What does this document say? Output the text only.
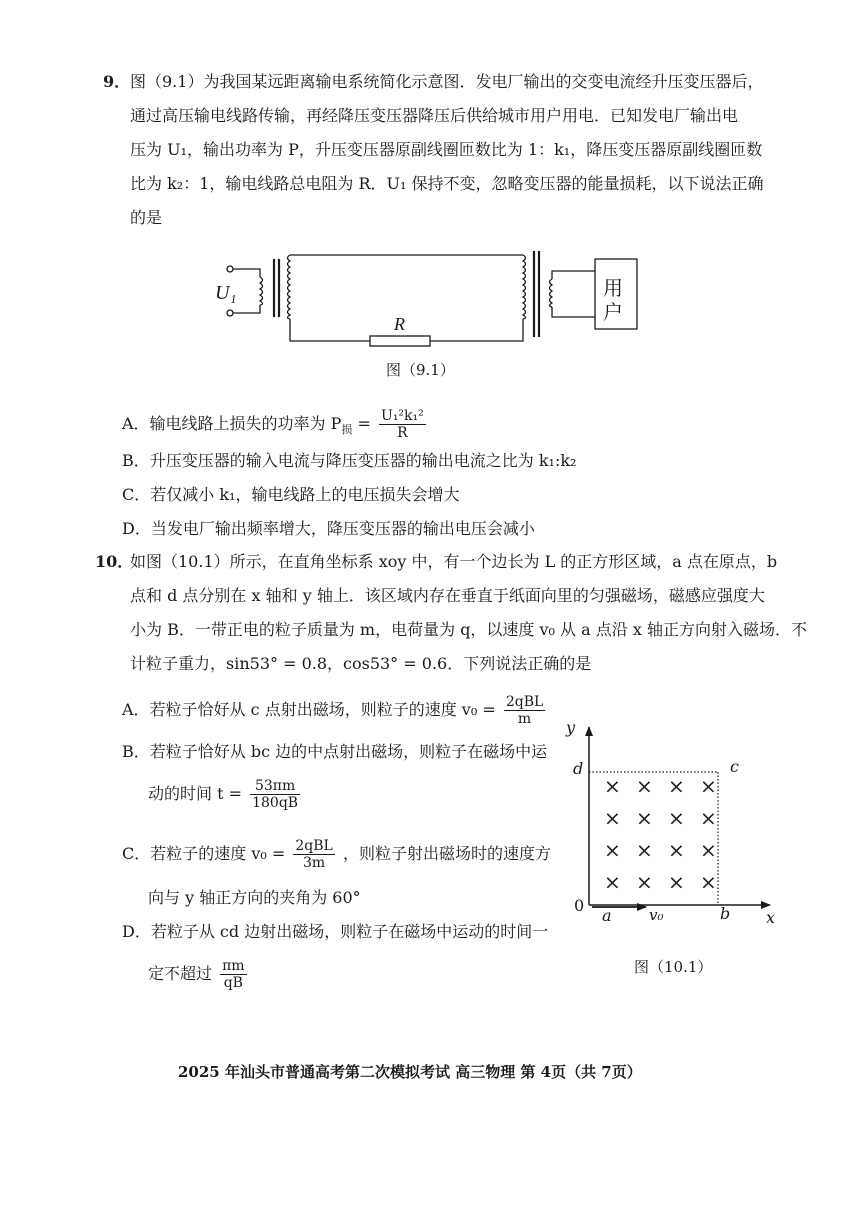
9． 图（9.1）为我国某远距离输电系统简化示意图．发电厂输出的交变电流经升压变压器后，
通过高压输电线路传输，再经降压变压器降压后供给城市用户用电．已知发电厂输出电
压为 U₁，输出功率为 P，升压变压器原副线圈匝数比为 1：k₁，降压变压器原副线圈匝数
比为 k₂：1，输电线路总电阻为 R．U₁ 保持不变，忽略变压器的能量损耗，以下说法正确
的是
U₁
R
用
户
图（9.1）
A．输电线路上损失的功率为 $P_损 = \frac{\text{U₁²k₁²}}{R}$
B．升压变压器的输入电流与降压变压器的输出电流之比为 k₁:k₂
C．若仅减小 k₁，输电线路上的电压损失会增大
D．当发电厂输出频率增大，降压变压器的输出电压会减小
10．
如图（10.1）所示，在直角坐标系 xoy 中，有一个边长为 L 的正方形区域，a 点在原点，b
点和 d 点分别在 x 轴和 y 轴上．该区域内存在垂直于纸面向里的匀强磁场，磁感应强度大
小为 B．一带正电的粒子质量为 m，电荷量为 q，以速度 v₀ 从 a 点沿 x 轴正方向射入磁场．不
计粒子重力，sin53° = 0.8，cos53° = 0.6．下列说法正确的是
A．若粒子恰好从 c 点射出磁场，则粒子的速度 $v_0 = \frac{\text{2qBL}}{m}$
B．若粒子恰好从 bc 边的中点射出磁场，则粒子在磁场中运
动的时间 $t = \frac{53\pi m}{180qB}$
C．若粒子的速度 $v_0 = \frac{\text{2qBL}}{3m}$ ，则粒子射出磁场时的速度方
向与 y 轴正方向的夹角为 60°
D．若粒子从 cd 边射出磁场，则粒子在磁场中运动的时间一
定不超过 $\frac{\pi m}{qB}$
× × × ×
× × × ×
× × × ×
× × × ×
y
x
0
d	c
a	b
v₀
图（10.1）
2025 年汕头市普通高考第二次模拟考试 高三物理 第 4页（共 7页）
